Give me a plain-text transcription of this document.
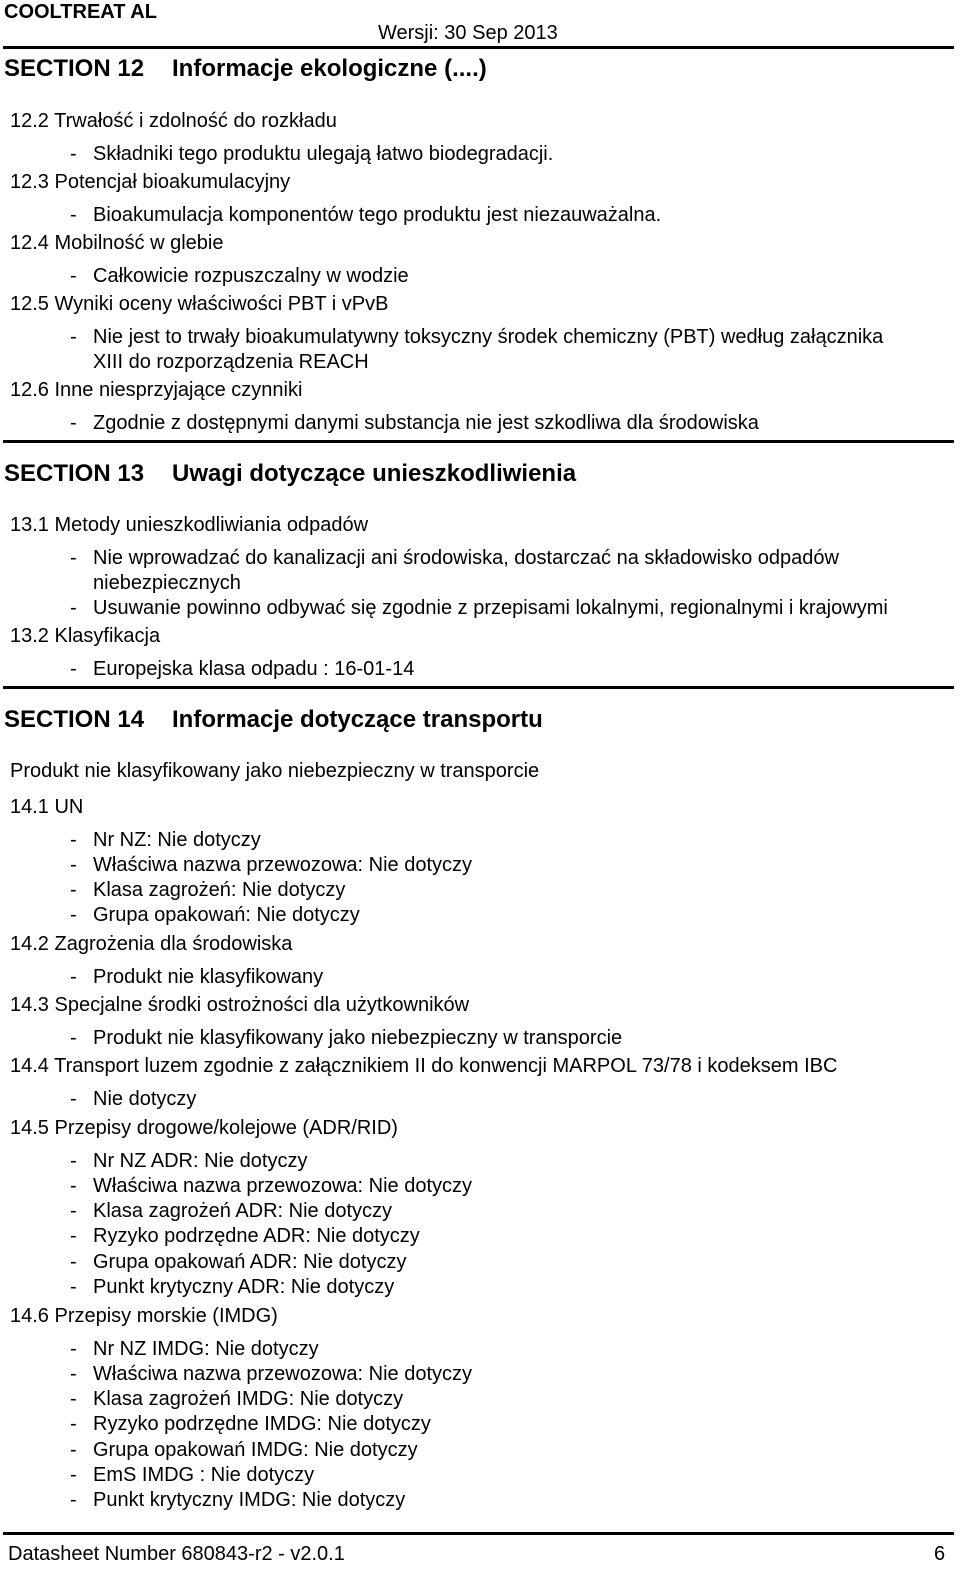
COOLTREAT AL
Wersji: 30 Sep 2013
SECTION 12 Informacje ekologiczne (....)
12.2 Trwałość i zdolność do rozkładu
- Składniki tego produktu ulegają łatwo biodegradacji.
12.3 Potencjał bioakumulacyjny
- Bioakumulacja komponentów tego produktu jest niezauważalna.
12.4 Mobilność w glebie
- Całkowicie rozpuszczalny w wodzie
12.5 Wyniki oceny właściwości PBT i vPvB
- Nie jest to trwały bioakumulatywny toksyczny środek chemiczny (PBT) według załącznika
XIII do rozporządzenia REACH
12.6 Inne niesprzyjające czynniki
- Zgodnie z dostępnymi danymi substancja nie jest szkodliwa dla środowiska
SECTION 13 Uwagi dotyczące unieszkodliwienia
13.1 Metody unieszkodliwiania odpadów
- Nie wprowadzać do kanalizacji ani środowiska, dostarczać na składowisko odpadów
niebezpiecznych
- Usuwanie powinno odbywać się zgodnie z przepisami lokalnymi, regionalnymi i krajowymi
13.2 Klasyfikacja
- Europejska klasa odpadu : 16-01-14
SECTION 14 Informacje dotyczące transportu
Produkt nie klasyfikowany jako niebezpieczny w transporcie
14.1 UN
- Nr NZ: Nie dotyczy
- Właściwa nazwa przewozowa: Nie dotyczy
- Klasa zagrożeń: Nie dotyczy
- Grupa opakowań: Nie dotyczy
14.2 Zagrożenia dla środowiska
- Produkt nie klasyfikowany
14.3 Specjalne środki ostrożności dla użytkowników
- Produkt nie klasyfikowany jako niebezpieczny w transporcie
14.4 Transport luzem zgodnie z załącznikiem II do konwencji MARPOL 73/78 i kodeksem IBC
- Nie dotyczy
14.5 Przepisy drogowe/kolejowe (ADR/RID)
- Nr NZ ADR: Nie dotyczy
- Właściwa nazwa przewozowa: Nie dotyczy
- Klasa zagrożeń ADR: Nie dotyczy
- Ryzyko podrzędne ADR: Nie dotyczy
- Grupa opakowań ADR: Nie dotyczy
- Punkt krytyczny ADR: Nie dotyczy
14.6 Przepisy morskie (IMDG)
- Nr NZ IMDG: Nie dotyczy
- Właściwa nazwa przewozowa: Nie dotyczy
- Klasa zagrożeń IMDG: Nie dotyczy
- Ryzyko podrzędne IMDG: Nie dotyczy
- Grupa opakowań IMDG: Nie dotyczy
- EmS IMDG : Nie dotyczy
- Punkt krytyczny IMDG: Nie dotyczy
Datasheet Number 680843-r2 - v2.0.1	6
